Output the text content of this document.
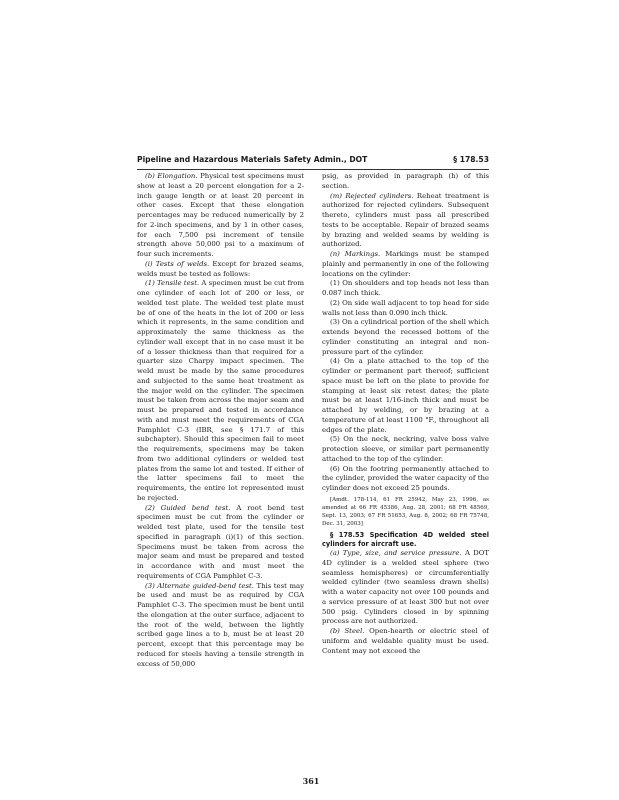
Pipeline and Hazardous Materials Safety Admin., DOT	§ 178.53

(b) Elongation. Physical test specimens must show at least a 20 percent elongation for a 2-inch gauge length or at least 20 percent in other cases. Except that these elongation percentages may be reduced numerically by 2 for 2-inch specimens, and by 1 in other cases, for each 7,500 psi increment of tensile strength above 50,000 psi to a maximum of four such increments.

(i) Tests of welds. Except for brazed seams, welds must be tested as follows:

(1) Tensile test. A specimen must be cut from one cylinder of each lot of 200 or less, or welded test plate. The welded test plate must be of one of the heats in the lot of 200 or less which it represents, in the same condition and approximately the same thickness as the cylinder wall except that in no case must it be of a lesser thickness than that required for a quarter size Charpy impact specimen. The weld must be made by the same procedures and subjected to the same heat treatment as the major weld on the cylinder. The specimen must be taken from across the major seam and must be prepared and tested in accordance with and must meet the requirements of CGA Pamphlet C-3 (IBR, see § 171.7 of this subchapter). Should this specimen fail to meet the requirements, specimens may be taken from two additional cylinders or welded test plates from the same lot and tested. If either of the latter specimens fail to meet the requirements, the entire lot represented must be rejected.

(2) Guided bend test. A root bend test specimen must be cut from the cylinder or welded test plate, used for the tensile test specified in paragraph (i)(1) of this section. Specimens must be taken from across the major seam and must be prepared and tested in accordance with and must meet the requirements of CGA Pamphlet C-3.

(3) Alternate guided-bend test. This test may be used and must be as required by CGA Pamphlet C-3. The specimen must be bent until the elongation at the outer surface, adjacent to the root of the weld, between the lightly scribed gage lines a to b, must be at least 20 percent, except that this percentage may be reduced for steels having a tensile strength in excess of 50,000

psig, as provided in paragraph (h) of this section.

(m) Rejected cylinders. Reheat treatment is authorized for rejected cylinders. Subsequent thereto, cylinders must pass all prescribed tests to be acceptable. Repair of brazed seams by brazing and welded seams by welding is authorized.

(n) Markings. Markings must be stamped plainly and permanently in one of the following locations on the cylinder:

(1) On shoulders and top heads not less than 0.087 inch thick.

(2) On side wall adjacent to top head for side walls not less than 0.090 inch thick.

(3) On a cylindrical portion of the shell which extends beyond the recessed bottom of the cylinder constituting an integral and non-pressure part of the cylinder.

(4) On a plate attached to the top of the cylinder or permanent part thereof; sufficient space must be left on the plate to provide for stamping at least six retest dates; the plate must be at least 1/16-inch thick and must be attached by welding, or by brazing at a temperature of at least 1100 °F., throughout all edges of the plate.

(5) On the neck, neckring, valve boss valve protection sleeve, or similar part permanently attached to the top of the cylinder.

(6) On the footring permanently attached to the cylinder, provided the water capacity of the cylinder does not exceed 25 pounds.

[Amdt. 178-114, 61 FR 25942, May 23, 1996, as amended at 66 FR 45386, Aug. 28, 2001; 68 FR 48569, Sept. 13, 2003; 67 FR 51653, Aug. 8, 2002; 68 FR 75748, Dec. 31, 2003]

§ 178.53 Specification 4D welded steel cylinders for aircraft use.

(a) Type, size, and service pressure. A DOT 4D cylinder is a welded steel sphere (two seamless hemispheres) or circumferentially welded cylinder (two seamless drawn shells) with a water capacity not over 100 pounds and a service pressure of at least 300 but not over 500 psig. Cylinders closed in by spinning process are not authorized.

(b) Steel. Open-hearth or electric steel of uniform and weldable quality must be used. Content may not exceed the

361
